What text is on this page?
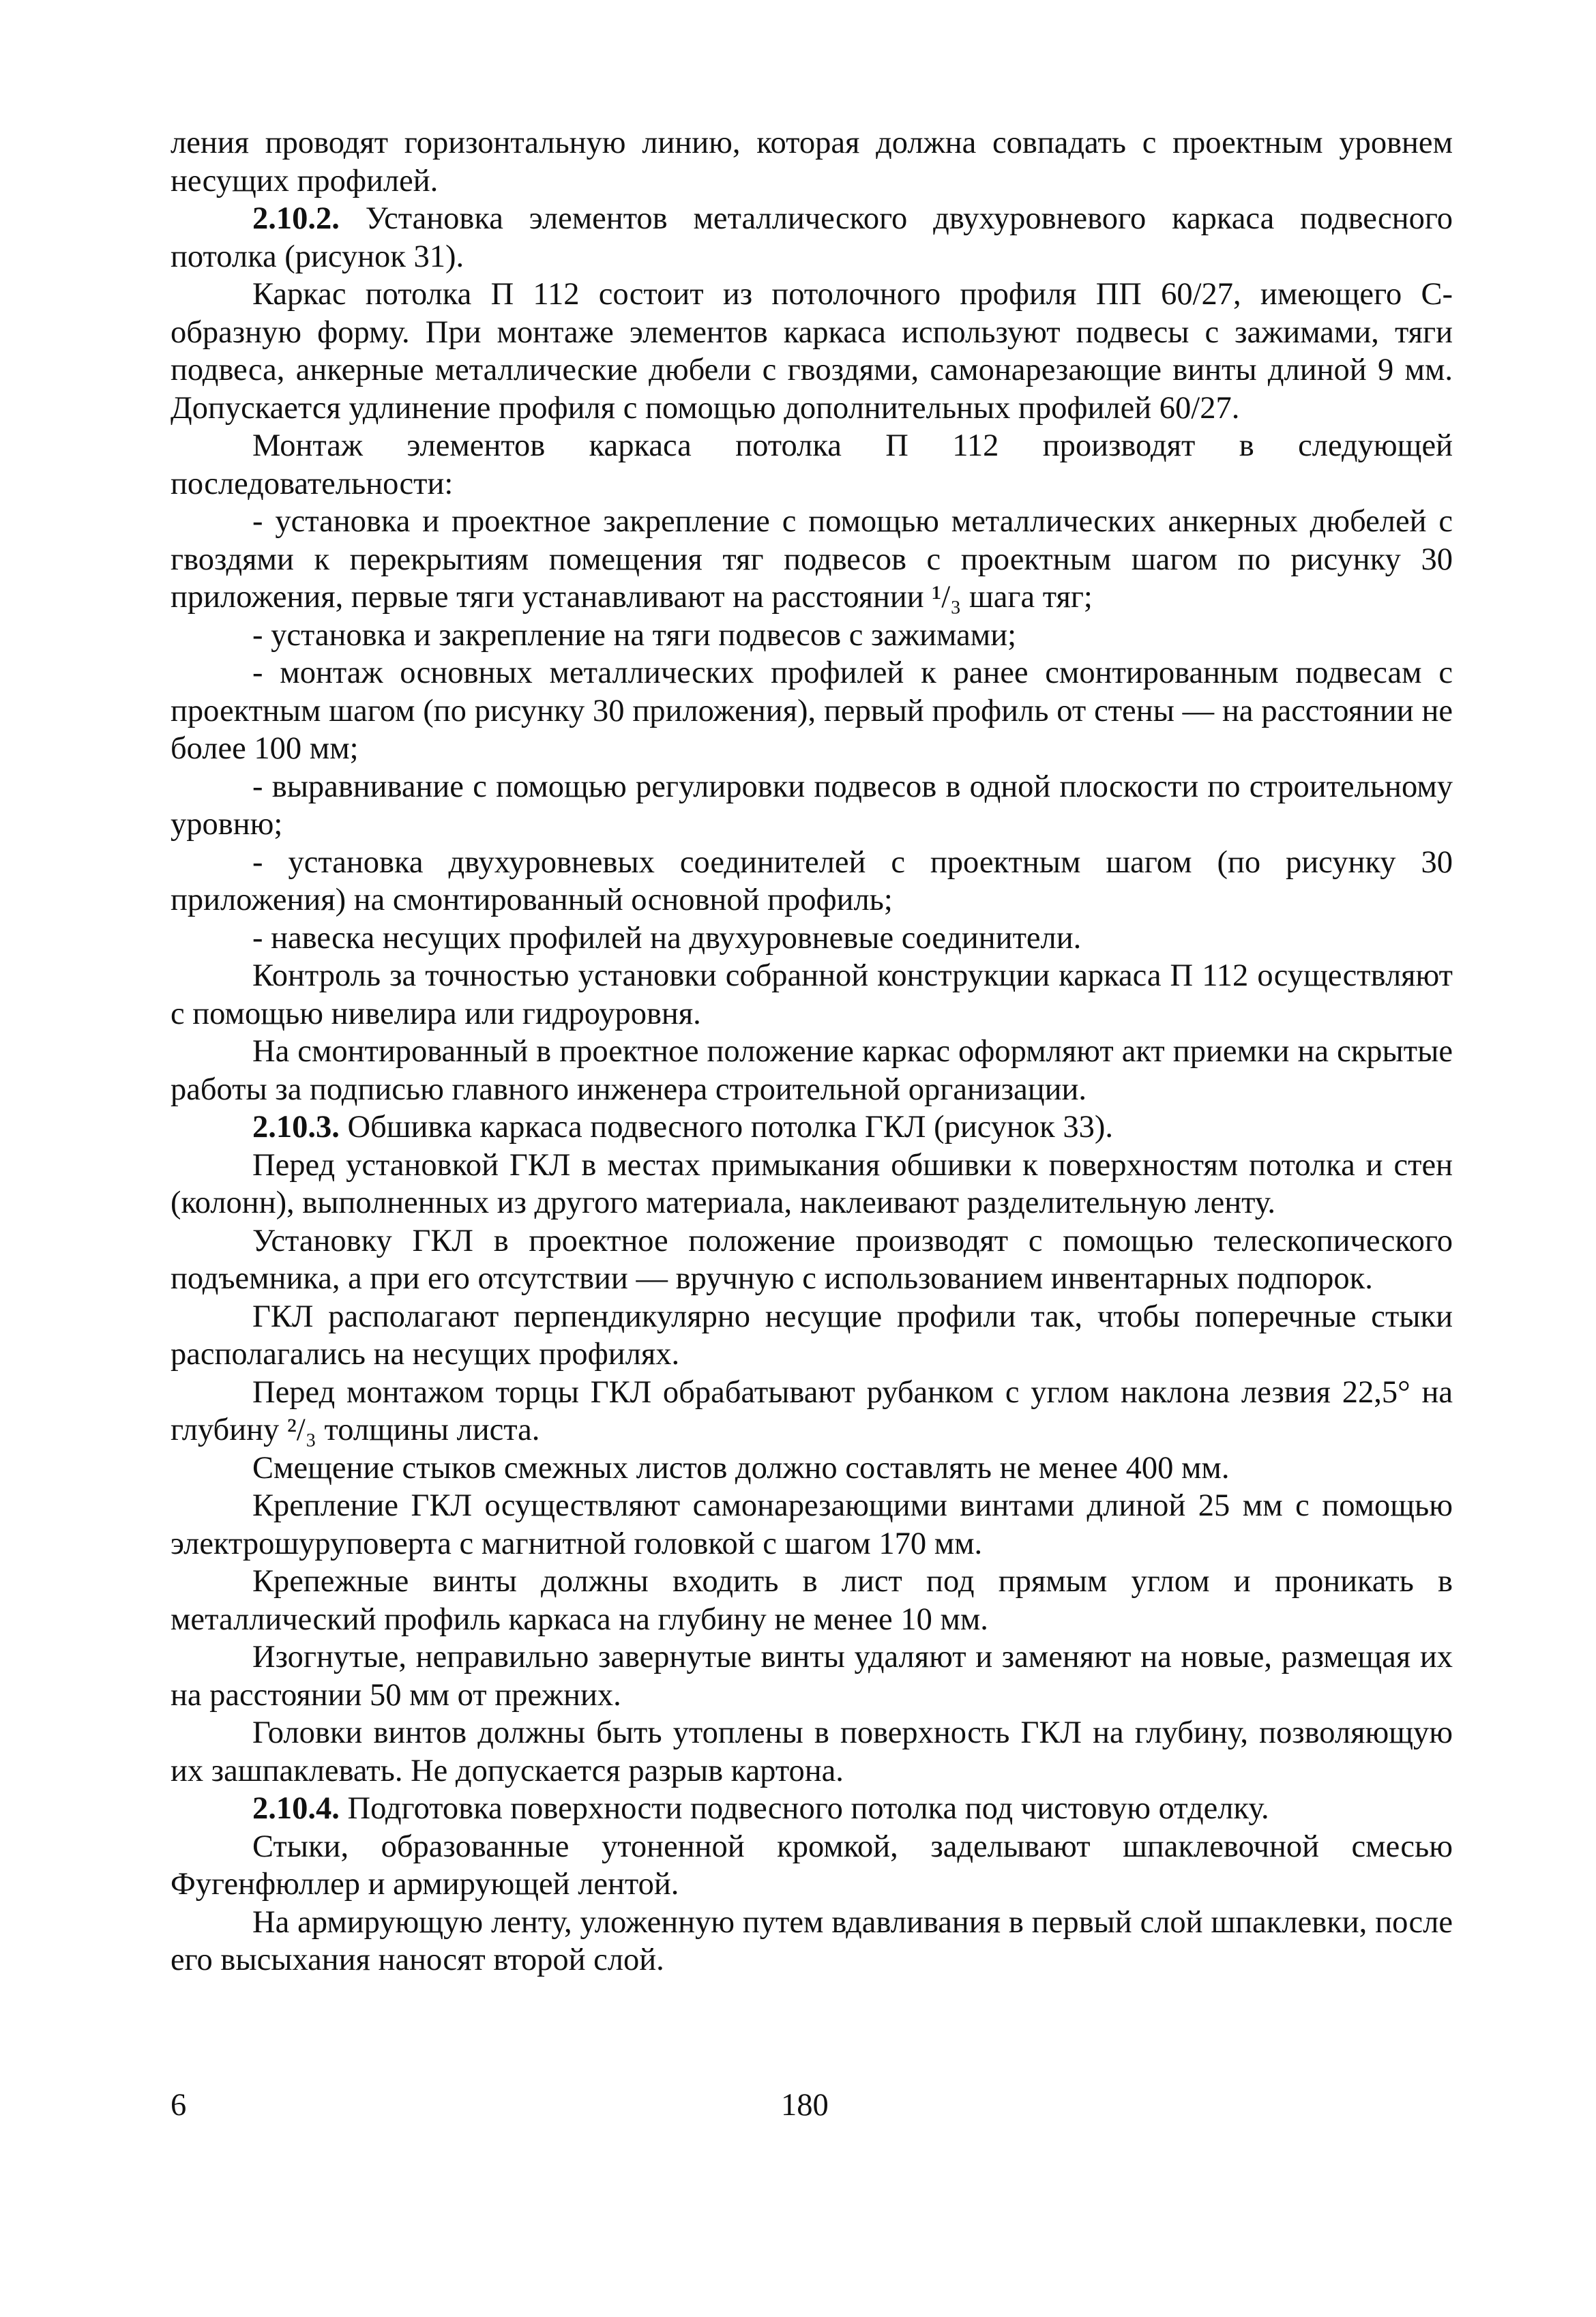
ления проводят горизонтальную линию, которая должна совпадать с проектным уровнем несущих профилей.

2.10.2. Установка элементов металлического двухуровневого каркаса подвесного потолка (рисунок 31).

Каркас потолка П 112 состоит из потолочного профиля ПП 60/27, имеющего С-образную форму. При монтаже элементов каркаса используют подвесы с зажимами, тяги подвеса, анкерные металлические дюбели с гвоздями, самонарезающие винты длиной 9 мм. Допускается удлинение профиля с помощью дополнительных профилей 60/27.

Монтаж элементов каркаса потолка П 112 производят в следующей последовательности:

- установка и проектное закрепление с помощью металлических анкерных дюбелей с гвоздями к перекрытиям помещения тяг подвесов с проектным шагом по рисунку 30 приложения, первые тяги устанавливают на расстоянии ¹/₃ шага тяг;

- установка и закрепление на тяги подвесов с зажимами;

- монтаж основных металлических профилей к ранее смонтированным подвесам с проектным шагом (по рисунку 30 приложения), первый профиль от стены — на расстоянии не более 100 мм;

- выравнивание с помощью регулировки подвесов в одной плоскости по строительному уровню;

- установка двухуровневых соединителей с проектным шагом (по рисунку 30 приложения) на смонтированный основной профиль;

- навеска несущих профилей на двухуровневые соединители.

Контроль за точностью установки собранной конструкции каркаса П 112 осуществляют с помощью нивелира или гидроуровня.

На смонтированный в проектное положение каркас оформляют акт приемки на скрытые работы за подписью главного инженера строительной организации.

2.10.3. Обшивка каркаса подвесного потолка ГКЛ (рисунок 33).

Перед установкой ГКЛ в местах примыкания обшивки к поверхностям потолка и стен (колонн), выполненных из другого материала, наклеивают разделительную ленту.

Установку ГКЛ в проектное положение производят с помощью телескопического подъемника, а при его отсутствии — вручную с использованием инвентарных подпорок.

ГКЛ располагают перпендикулярно несущие профили так, чтобы поперечные стыки располагались на несущих профилях.

Перед монтажом торцы ГКЛ обрабатывают рубанком с углом наклона лезвия 22,5° на глубину ²/₃ толщины листа.

Смещение стыков смежных листов должно составлять не менее 400 мм.

Крепление ГКЛ осуществляют самонарезающими винтами длиной 25 мм с помощью электрошуруповерта с магнитной головкой с шагом 170 мм.

Крепежные винты должны входить в лист под прямым углом и проникать в металлический профиль каркаса на глубину не менее 10 мм.

Изогнутые, неправильно завернутые винты удаляют и заменяют на новые, размещая их на расстоянии 50 мм от прежних.

Головки винтов должны быть утоплены в поверхность ГКЛ на глубину, позволяющую их зашпаклевать. Не допускается разрыв картона.

2.10.4. Подготовка поверхности подвесного потолка под чистовую отделку.

Стыки, образованные утоненной кромкой, заделывают шпаклевочной смесью Фугенфюллер и армирующей лентой.

На армирующую ленту, уложенную путем вдавливания в первый слой шпаклевки, после его высыхания наносят второй слой.

6	180
